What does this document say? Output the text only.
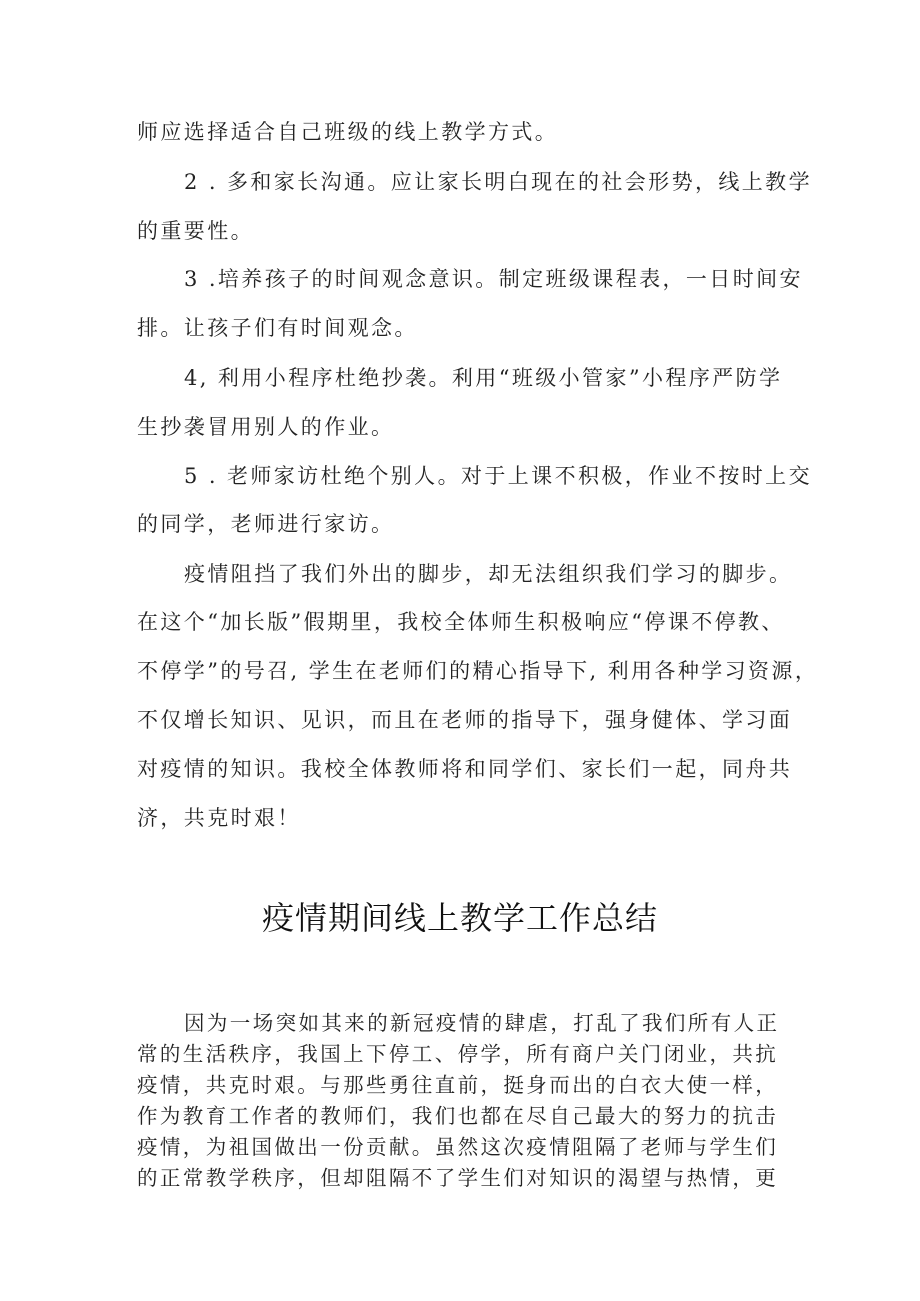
师应选择适合自己班级的线上教学方式。
2 . 多和家长沟通。应让家长明白现在的社会形势，线上教学
的重要性。
3 .培养孩子的时间观念意识。制定班级课程表，一日时间安
排。让孩子们有时间观念。
4, 利用小程序杜绝抄袭。利用“班级小管家”小程序严防学
生抄袭冒用别人的作业。
5 . 老师家访杜绝个别人。对于上课不积极，作业不按时上交
的同学，老师进行家访。
疫情阻挡了我们外出的脚步，却无法组织我们学习的脚步。
在这个“加长版”假期里，我校全体师生积极响应“停课不停教、
不停学”的号召, 学生在老师们的精心指导下, 利用各种学习资源，
不仅增长知识、见识，而且在老师的指导下，强身健体、学习面
对疫情的知识。我校全体教师将和同学们、家长们一起，同舟共
济，共克时艰！
疫情期间线上教学工作总结
因为一场突如其来的新冠疫情的肆虐，打乱了我们所有人正
常的生活秩序，我国上下停工、停学，所有商户关门闭业，共抗
疫情，共克时艰。与那些勇往直前，挺身而出的白衣大使一样，
作为教育工作者的教师们，我们也都在尽自己最大的努力的抗击
疫情，为祖国做出一份贡献。虽然这次疫情阻隔了老师与学生们
的正常教学秩序，但却阻隔不了学生们对知识的渴望与热情，更
